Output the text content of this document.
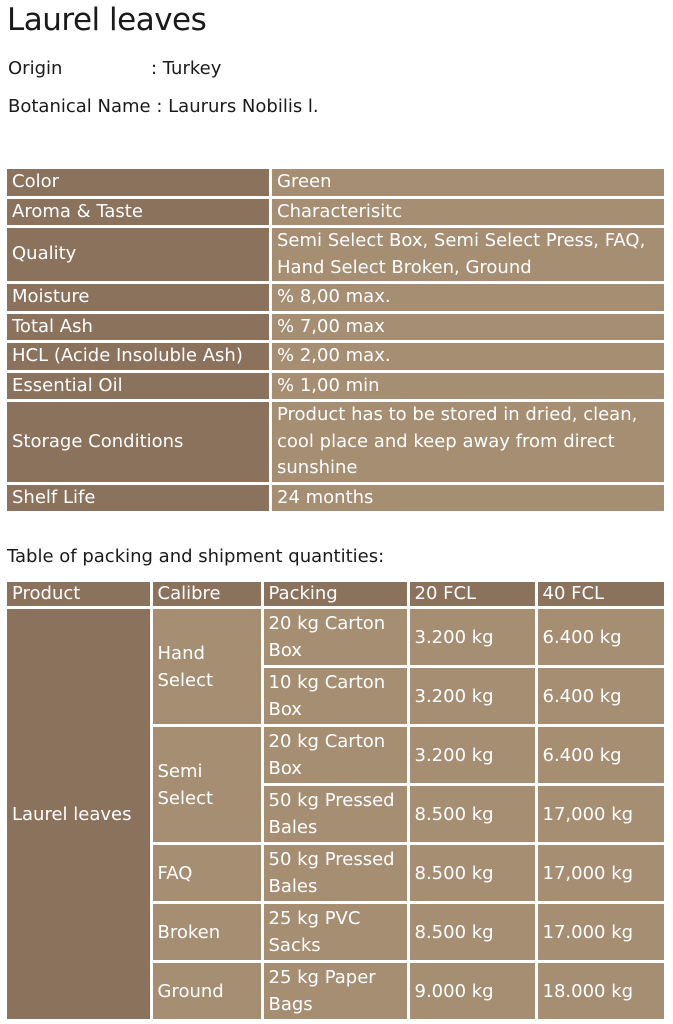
Laurel leaves
Origin	: Turkey
Botanical Name : Laururs Nobilis l.
Color	Green
Aroma & Taste	Characterisitc
Quality	Semi Select Box, Semi Select Press, FAQ, Hand Select Broken, Ground
Moisture	% 8,00 max.
Total Ash	% 7,00 max
HCL (Acide Insoluble Ash)	% 2,00 max.
Essential Oil	% 1,00 min
Storage Conditions	Product has to be stored in dried, clean, cool place and keep away from direct sunshine
Shelf Life	24 months
Table of packing and shipment quantities:
Product	Calibre	Packing	20 FCL	40 FCL
Laurel leaves	Hand Select	20 kg Carton Box	3.200 kg	6.400 kg
		10 kg Carton Box	3.200 kg	6.400 kg
	Semi Select	20 kg Carton Box	3.200 kg	6.400 kg
		50 kg Pressed Bales	8.500 kg	17,000 kg
	FAQ	50 kg Pressed Bales	8.500 kg	17,000 kg
	Broken	25 kg PVC Sacks	8.500 kg	17.000 kg
	Ground	25 kg Paper Bags	9.000 kg	18.000 kg
